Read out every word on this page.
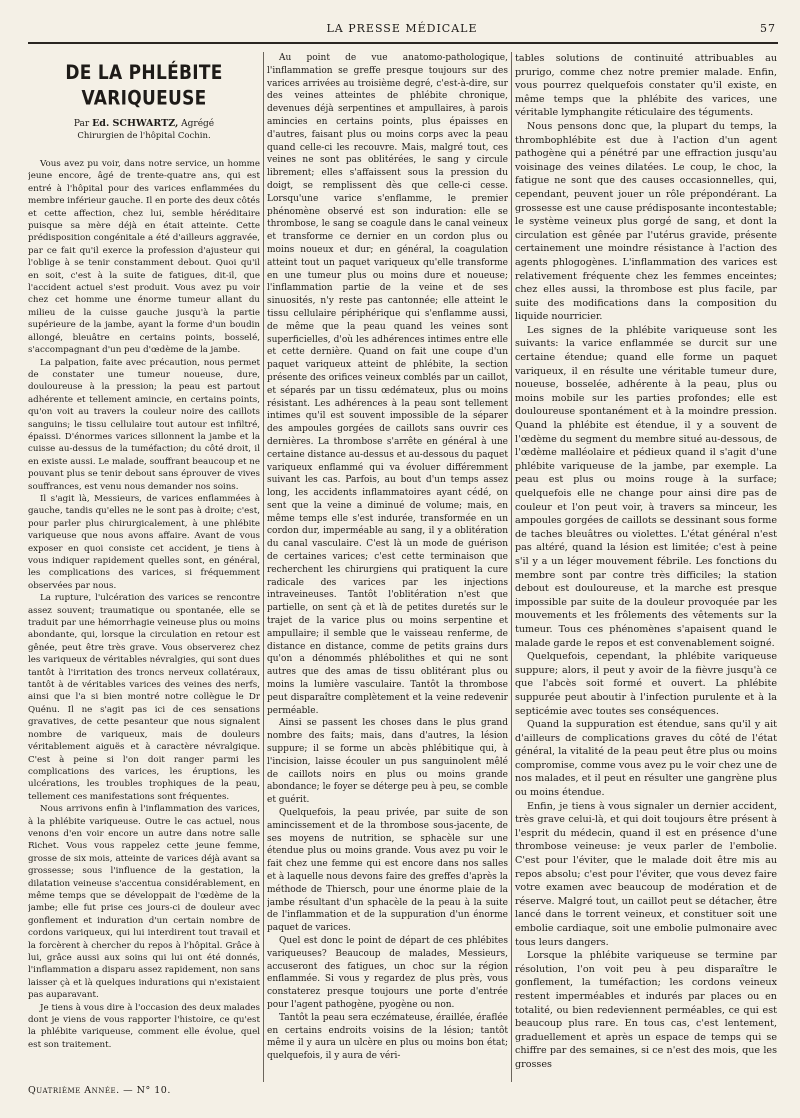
LA PRESSE MÉDICALE	57
DE LA PHLÉBITE VARIQUEUSE
Par Ed. SCHWARTZ, Agrégé
Chirurgien de l'hôpital Cochin.

Vous avez pu voir, dans notre service, un homme jeune encore, âgé de trente-quatre ans, qui est entré à l'hôpital pour des varices enflammées du membre inférieur gauche. Il en porte des deux côtés et cette affection, chez lui, semble héréditaire puisque sa mère déjà en était atteinte. Cette prédisposition congénitale a été d'ailleurs aggravée, par ce fait qu'il exerce la profession d'ajusteur qui l'oblige à se tenir constamment debout. Quoi qu'il en soit, c'est à la suite de fatigues, dit-il, que l'accident actuel s'est produit. Vous avez pu voir chez cet homme une énorme tumeur allant du milieu de la cuisse gauche jusqu'à la partie supérieure de la jambe, ayant la forme d'un boudin allongé, bleuâtre en certains points, bosselé, s'accompagnant d'un peu d'œdème de la jambe.

La palpation, faite avec précaution, nous permet de constater une tumeur noueuse, dure, douloureuse à la pression; la peau est partout adhérente et tellement amincie, en certains points, qu'on voit au travers la couleur noire des caillots sanguins; le tissu cellulaire tout autour est infiltré, épaissi. D'énormes varices sillonnent la jambe et la cuisse au-dessus de la tuméfaction; du côté droit, il en existe aussi. Le malade, souffrant beaucoup et ne pouvant plus se tenir debout sans éprouver de vives souffrances, est venu nous demander nos soins.

Il s'agit là, Messieurs, de varices enflammées à gauche, tandis qu'elles ne le sont pas à droite; c'est, pour parler plus chirurgicalement, à une phlébite variqueuse que nous avons affaire. Avant de vous exposer en quoi consiste cet accident, je tiens à vous indiquer rapidement quelles sont, en général, les complications des varices, si fréquemment observées par nous.

La rupture, l'ulcération des varices se rencontre assez souvent; traumatique ou spontanée, elle se traduit par une hémorrhagie veineuse plus ou moins abondante, qui, lorsque la circulation en retour est gênée, peut être très grave. Vous observerez chez les variqueux de véritables névralgies, qui sont dues tantôt à l'irritation des troncs nerveux collatéraux, tantôt à de véritables varices des veines des nerfs, ainsi que l'a si bien montré notre collègue le Dr Quénu. Il ne s'agit pas ici de ces sensations gravatives, de cette pesanteur que nous signalent nombre de variqueux, mais de douleurs véritablement aiguës et à caractère névralgique. C'est à peine si l'on doit ranger parmi les complications des varices, les éruptions, les ulcérations, les troubles trophiques de la peau, tellement ces manifestations sont fréquentes.

Nous arrivons enfin à l'inflammation des varices, à la phlébite variqueuse. Outre le cas actuel, nous venons d'en voir encore un autre dans notre salle Richet. Vous vous rappelez cette jeune femme, grosse de six mois, atteinte de varices déjà avant sa grossesse; sous l'influence de la gestation, la dilatation veineuse s'accentua considérablement, en même temps que se développait de l'œdème de la jambe; elle fut prise ces jours-ci de douleur avec gonflement et induration d'un certain nombre de cordons variqueux, qui lui interdirent tout travail et la forcèrent à chercher du repos à l'hôpital. Grâce à lui, grâce aussi aux soins qui lui ont été donnés, l'inflammation a disparu assez rapidement, non sans laisser çà et là quelques indurations qui n'existaient pas auparavant.

Je tiens à vous dire à l'occasion des deux malades dont je viens de vous rapporter l'histoire, ce qu'est la phlébite variqueuse, comment elle évolue, quel est son traitement.

Au point de vue anatomo-pathologique, l'inflammation se greffe presque toujours sur des varices arrivées au troisième degré, c'est-à-dire, sur des veines atteintes de phlébite chronique, devenues déjà serpentines et ampullaires, à parois amincies en certains points, plus épaisses en d'autres, faisant plus ou moins corps avec la peau quand celle-ci les recouvre. Mais, malgré tout, ces veines ne sont pas oblitérées, le sang y circule librement; elles s'affaissent sous la pression du doigt, se remplissent dès que celle-ci cesse. Lorsqu'une varice s'enflamme, le premier phénomène observé est son induration: elle se thrombose, le sang se coagule dans le canal veineux et transforme ce dernier en un cordon plus ou moins noueux et dur; en général, la coagulation atteint tout un paquet variqueux qu'elle transforme en une tumeur plus ou moins dure et noueuse; l'inflammation partie de la veine et de ses sinuosités, n'y reste pas cantonnée; elle atteint le tissu cellulaire périphérique qui s'enflamme aussi, de même que la peau quand les veines sont superficielles, d'où les adhérences intimes entre elle et cette dernière. Quand on fait une coupe d'un paquet variqueux atteint de phlébite, la section présente des orifices veineux comblés par un caillot, et séparés par un tissu œdémateux, plus ou moins résistant. Les adhérences à la peau sont tellement intimes qu'il est souvent impossible de la séparer des ampoules gorgées de caillots sans ouvrir ces dernières. La thrombose s'arrête en général à une certaine distance au-dessus et au-dessous du paquet variqueux enflammé qui va évoluer différemment suivant les cas. Parfois, au bout d'un temps assez long, les accidents inflammatoires ayant cédé, on sent que la veine a diminué de volume; mais, en même temps elle s'est indurée, transformée en un cordon dur, imperméable au sang, il y a oblitération du canal vasculaire. C'est là un mode de guérison de certaines varices; c'est cette terminaison que recherchent les chirurgiens qui pratiquent la cure radicale des varices par les injections intraveineuses. Tantôt l'oblitération n'est que partielle, on sent çà et là de petites duretés sur le trajet de la varice plus ou moins serpentine et ampullaire; il semble que le vaisseau renferme, de distance en distance, comme de petits grains durs qu'on a dénommés phlébolithes et qui ne sont autres que des amas de tissu oblitérant plus ou moins la lumière vasculaire. Tantôt la thrombose peut disparaître complètement et la veine redevenir perméable.

Ainsi se passent les choses dans le plus grand nombre des faits; mais, dans d'autres, la lésion suppure; il se forme un abcès phlébitique qui, à l'incision, laisse écouler un pus sanguinolent mêlé de caillots noirs en plus ou moins grande abondance; le foyer se déterge peu à peu, se comble et guérit.

Quelquefois, la peau privée, par suite de son amincissement et de la thrombose sous-jacente, de ses moyens de nutrition, se sphacèle sur une étendue plus ou moins grande. Vous avez pu voir le fait chez une femme qui est encore dans nos salles et à laquelle nous devons faire des greffes d'après la méthode de Thiersch, pour une énorme plaie de la jambe résultant d'un sphacèle de la peau à la suite de l'inflammation et de la suppuration d'un énorme paquet de varices.

Quel est donc le point de départ de ces phlébites variqueuses? Beaucoup de malades, Messieurs, accuseront des fatigues, un choc sur la région enflammée. Si vous y regardez de plus près, vous constaterez presque toujours une porte d'entrée pour l'agent pathogène, pyogène ou non.

Tantôt la peau sera eczémateuse, éraillée, éraflée en certains endroits voisins de la lésion; tantôt même il y aura un ulcère en plus ou moins bon état; quelquefois, il y aura de véri-

tables solutions de continuité attribuables au prurigo, comme chez notre premier malade. Enfin, vous pourrez quelquefois constater qu'il existe, en même temps que la phlébite des varices, une véritable lymphangite réticulaire des téguments.

Nous pensons donc que, la plupart du temps, la thrombophlébite est due à l'action d'un agent pathogène qui a pénétré par une effraction jusqu'au voisinage des veines dilatées. Le coup, le choc, la fatigue ne sont que des causes occasionnelles, qui, cependant, peuvent jouer un rôle prépondérant. La grossesse est une cause prédisposante incontestable; le système veineux plus gorgé de sang, et dont la circulation est gênée par l'utérus gravide, présente certainement une moindre résistance à l'action des agents phlogogènes. L'inflammation des varices est relativement fréquente chez les femmes enceintes; chez elles aussi, la thrombose est plus facile, par suite des modifications dans la composition du liquide nourricier.

Les signes de la phlébite variqueuse sont les suivants: la varice enflammée se durcit sur une certaine étendue; quand elle forme un paquet variqueux, il en résulte une véritable tumeur dure, noueuse, bosselée, adhérente à la peau, plus ou moins mobile sur les parties profondes; elle est douloureuse spontanément et à la moindre pression. Quand la phlébite est étendue, il y a souvent de l'œdème du segment du membre situé au-dessous, de l'œdème malléolaire et pédieux quand il s'agit d'une phlébite variqueuse de la jambe, par exemple. La peau est plus ou moins rouge à la surface; quelquefois elle ne change pour ainsi dire pas de couleur et l'on peut voir, à travers sa minceur, les ampoules gorgées de caillots se dessinant sous forme de taches bleuâtres ou violettes. L'état général n'est pas altéré, quand la lésion est limitée; c'est à peine s'il y a un léger mouvement fébrile. Les fonctions du membre sont par contre très difficiles; la station debout est douloureuse, et la marche est presque impossible par suite de la douleur provoquée par les mouvements et les frôlements des vêtements sur la tumeur. Tous ces phénomènes s'apaisent quand le malade garde le repos et est convenablement soigné.

Quelquefois, cependant, la phlébite variqueuse suppure; alors, il peut y avoir de la fièvre jusqu'à ce que l'abcès soit formé et ouvert. La phlébite suppurée peut aboutir à l'infection purulente et à la septicémie avec toutes ses conséquences.

Quand la suppuration est étendue, sans qu'il y ait d'ailleurs de complications graves du côté de l'état général, la vitalité de la peau peut être plus ou moins compromise, comme vous avez pu le voir chez une de nos malades, et il peut en résulter une gangrène plus ou moins étendue.

Enfin, je tiens à vous signaler un dernier accident, très grave celui-là, et qui doit toujours être présent à l'esprit du médecin, quand il est en présence d'une thrombose veineuse: je veux parler de l'embolie. C'est pour l'éviter, que le malade doit être mis au repos absolu; c'est pour l'éviter, que vous devez faire votre examen avec beaucoup de modération et de réserve. Malgré tout, un caillot peut se détacher, être lancé dans le torrent veineux, et constituer soit une embolie cardiaque, soit une embolie pulmonaire avec tous leurs dangers.

Lorsque la phlébite variqueuse se termine par résolution, l'on voit peu à peu disparaître le gonflement, la tuméfaction; les cordons veineux restent imperméables et indurés par places ou en totalité, ou bien redeviennent perméables, ce qui est beaucoup plus rare. En tous cas, c'est lentement, graduellement et après un espace de temps qui se chiffre par des semaines, si ce n'est des mois, que les grosses

Quatrième Année. — N° 10.
